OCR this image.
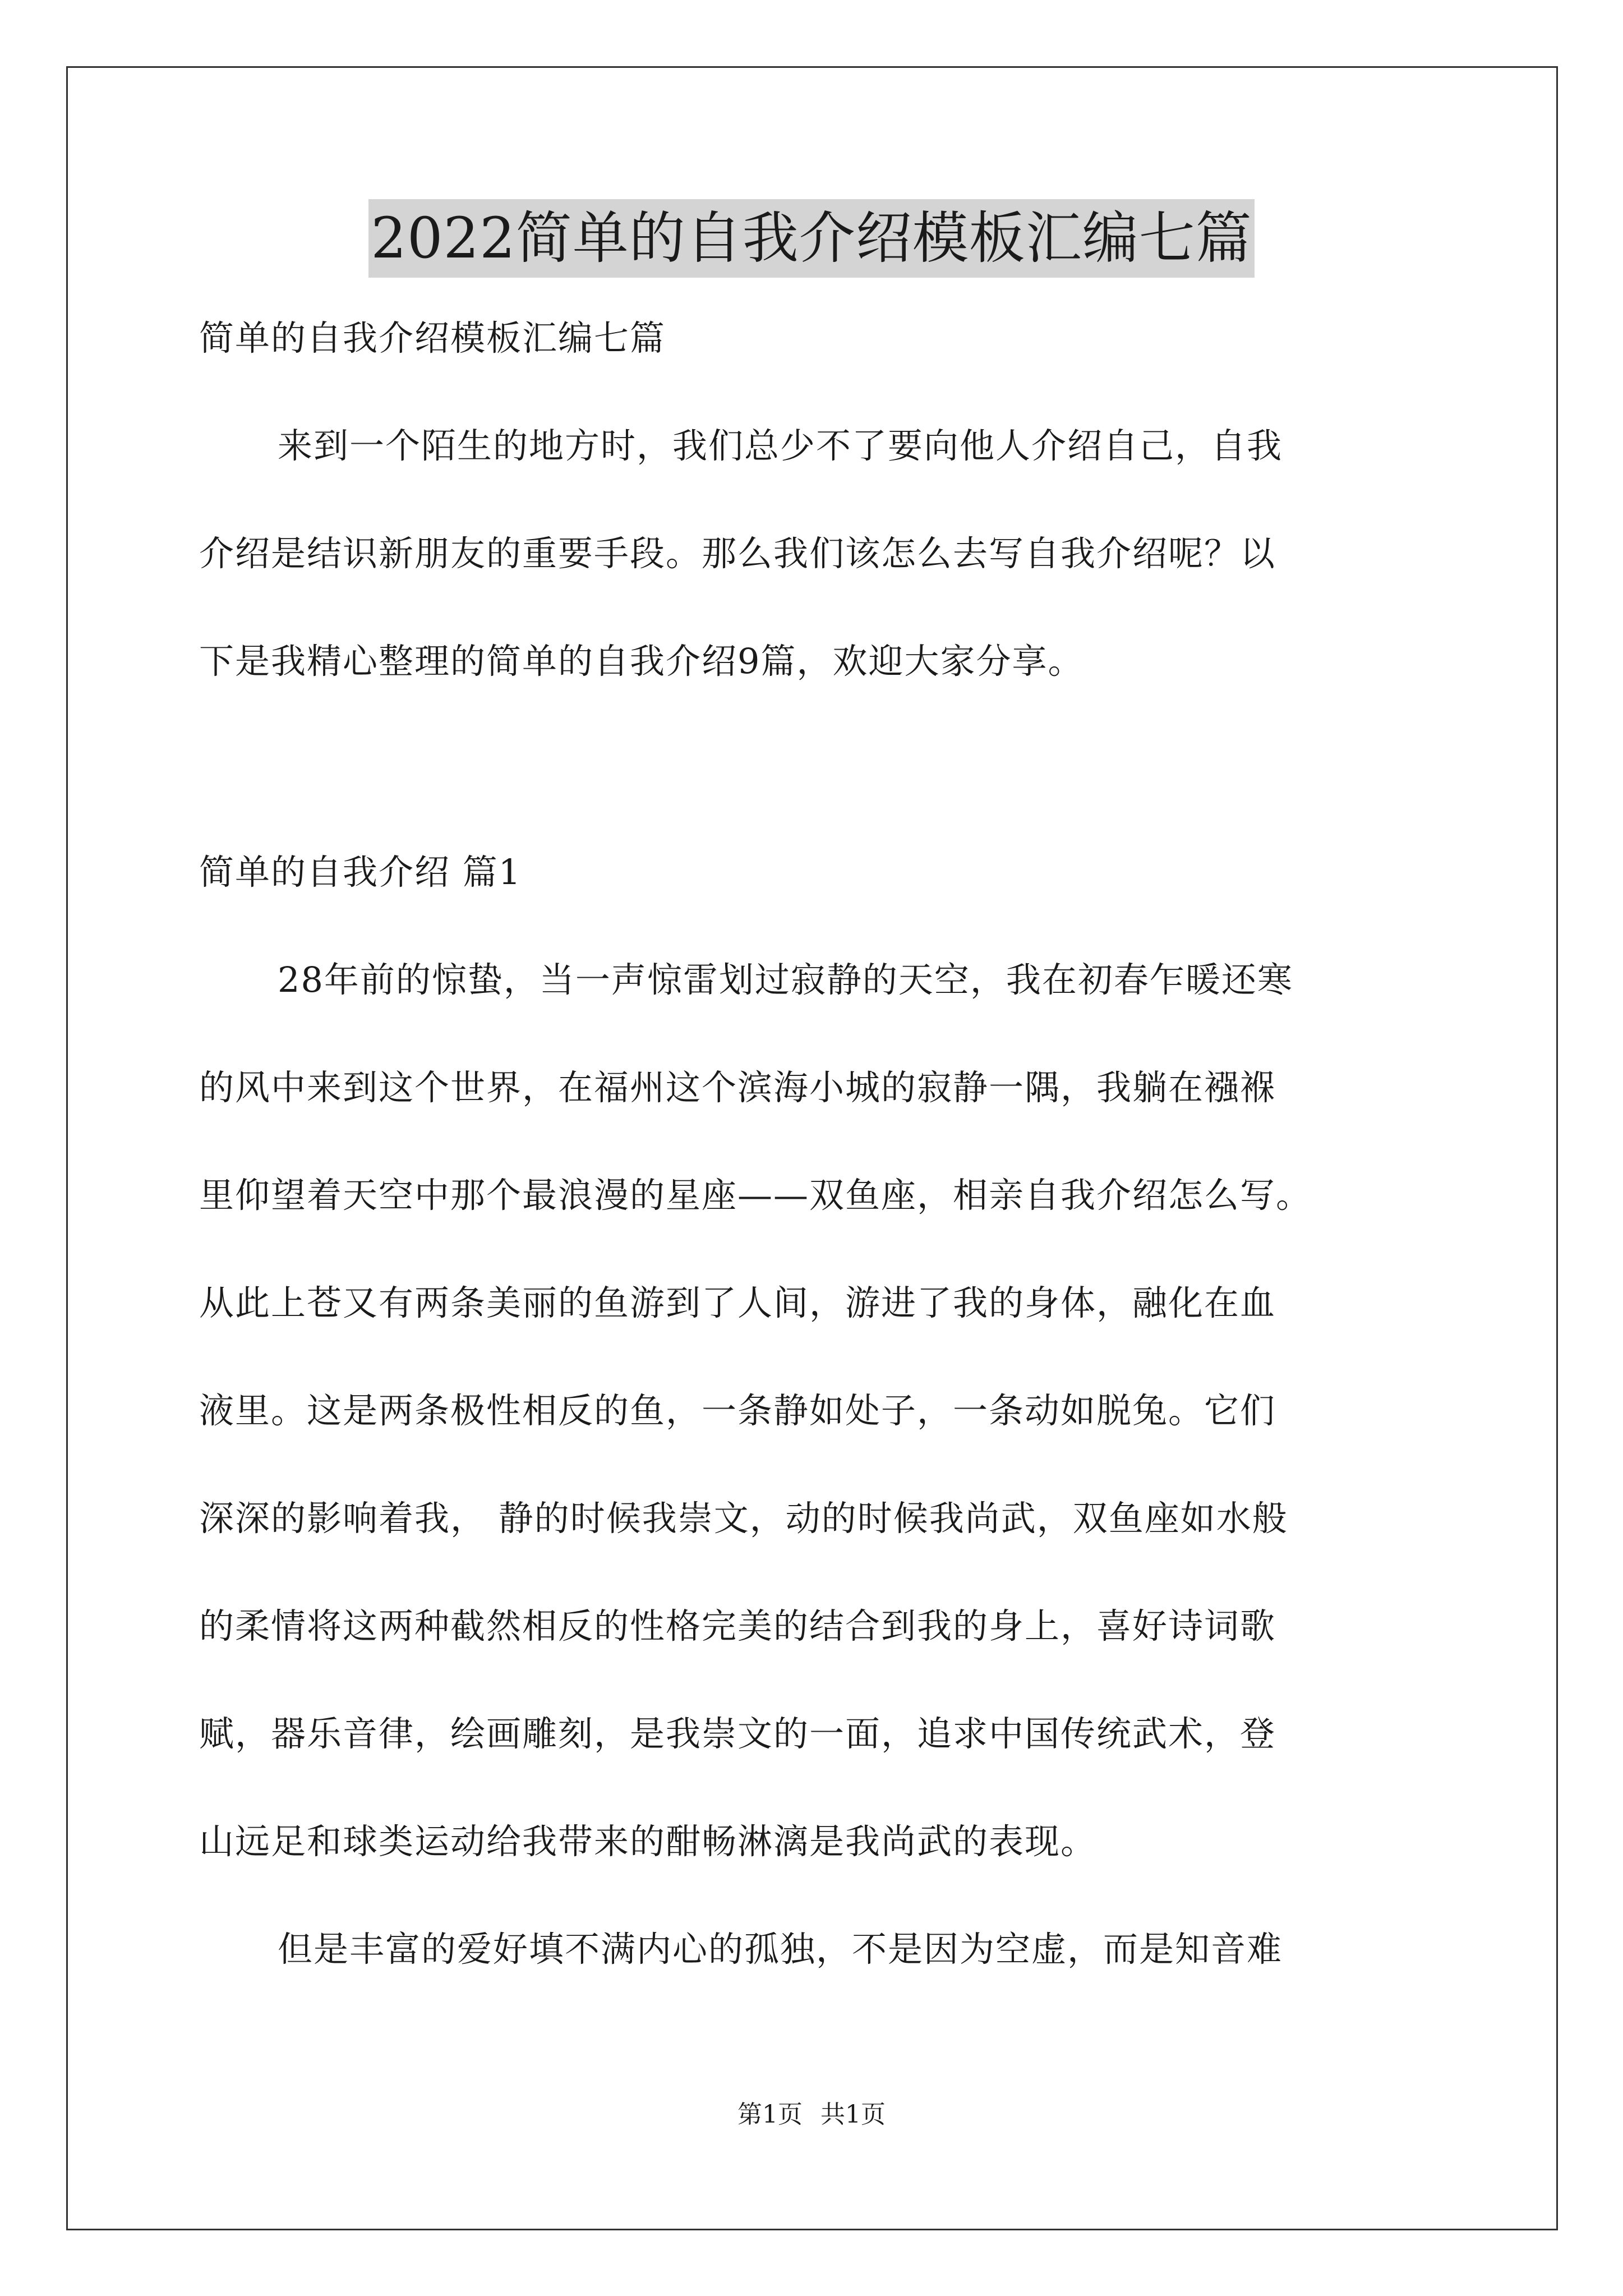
2022简单的自我介绍模板汇编七篇
简单的自我介绍模板汇编七篇
来到一个陌生的地方时，我们总少不了要向他人介绍自己，自我
介绍是结识新朋友的重要手段。那么我们该怎么去写自我介绍呢？以
下是我精心整理的简单的自我介绍9篇，欢迎大家分享。
简单的自我介绍 篇1
28年前的惊蛰，当一声惊雷划过寂静的天空，我在初春乍暖还寒
的风中来到这个世界，在福州这个滨海小城的寂静一隅，我躺在襁褓
里仰望着天空中那个最浪漫的星座——双鱼座，相亲自我介绍怎么写。
从此上苍又有两条美丽的鱼游到了人间，游进了我的身体，融化在血
液里。这是两条极性相反的鱼，一条静如处子，一条动如脱兔。它们
深深的影响着我， 静的时候我崇文，动的时候我尚武，双鱼座如水般
的柔情将这两种截然相反的性格完美的结合到我的身上，喜好诗词歌
赋，器乐音律，绘画雕刻，是我崇文的一面，追求中国传统武术，登
山远足和球类运动给我带来的酣畅淋漓是我尚武的表现。
但是丰富的爱好填不满内心的孤独，不是因为空虚，而是知音难
第1页 共1页
